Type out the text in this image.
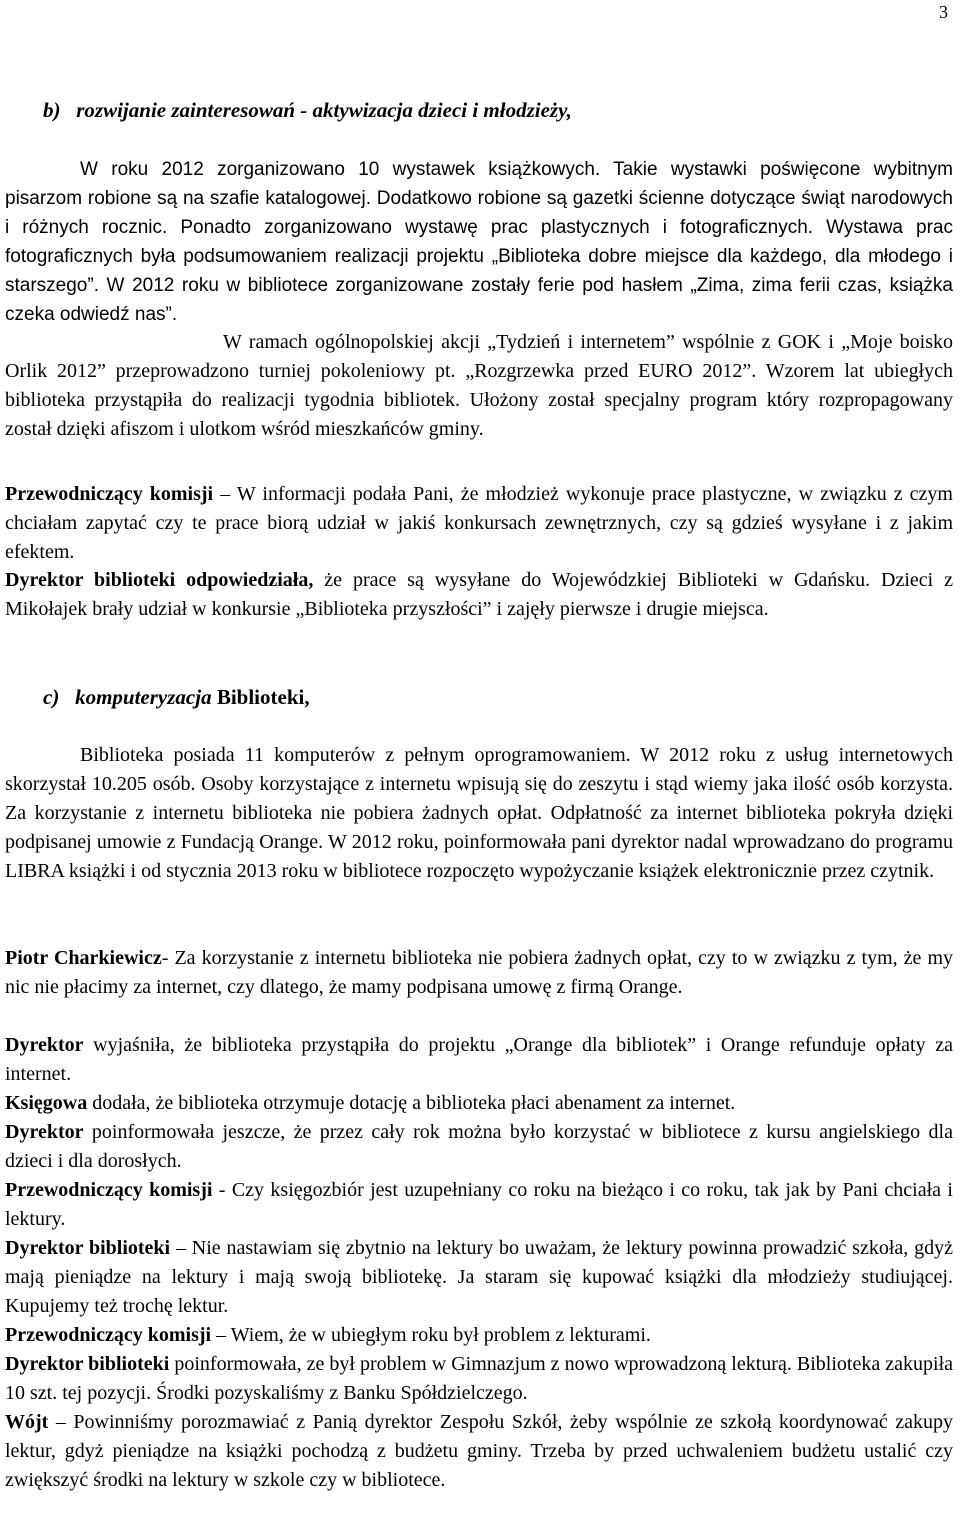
3
b) rozwijanie zainteresowań - aktywizacja dzieci i młodzieży,
W roku 2012 zorganizowano 10 wystawek książkowych. Takie wystawki poświęcone wybitnym pisarzom robione są na szafie katalogowej. Dodatkowo robione są gazetki ścienne dotyczące świąt narodowych i różnych rocznic. Ponadto zorganizowano wystawę prac plastycznych i fotograficznych. Wystawa prac fotograficznych była podsumowaniem realizacji projektu „Biblioteka dobre miejsce dla każdego, dla młodego i starszego”. W 2012 roku w bibliotece zorganizowane zostały ferie pod hasłem „Zima, zima ferii czas, książka czeka odwiedź nas”.
W ramach ogólnopolskiej akcji „Tydzień i internetem” wspólnie z GOK i „Moje boisko Orlik 2012” przeprowadzono turniej pokoleniowy pt. „Rozgrzewka przed EURO 2012”. Wzorem lat ubiegłych biblioteka przystąpiła do realizacji tygodnia bibliotek. Ułożony został specjalny program który rozpropagowany został dzięki afiszom i ulotkom wśród mieszkańców gminy.
Przewodniczący komisji – W informacji podała Pani, że młodzież wykonuje prace plastyczne, w związku z czym chciałam zapytać czy te prace biorą udział w jakiś konkursach zewnętrznych, czy są gdzieś wysyłane i z jakim efektem.
Dyrektor biblioteki odpowiedziała, że prace są wysyłane do Wojewódzkiej Biblioteki w Gdańsku. Dzieci z Mikołajek brały udział w konkursie „Biblioteka przyszłości” i zajęły pierwsze i drugie miejsca.
c) komputeryzacja Biblioteki,
Biblioteka posiada 11 komputerów z pełnym oprogramowaniem. W 2012 roku z usług internetowych skorzystał 10.205 osób. Osoby korzystające z internetu wpisują się do zeszytu i stąd wiemy jaka ilość osób korzysta. Za korzystanie z internetu biblioteka nie pobiera żadnych opłat. Odpłatność za internet biblioteka pokryła dzięki podpisanej umowie z Fundacją Orange. W 2012 roku, poinformowała pani dyrektor nadal wprowadzano do programu LIBRA książki i od stycznia 2013 roku w bibliotece rozpoczęto wypożyczanie książek elektronicznie przez czytnik.
Piotr Charkiewicz- Za korzystanie z internetu biblioteka nie pobiera żadnych opłat, czy to w związku z tym, że my nic nie płacimy za internet, czy dlatego, że mamy podpisana umowę z firmą Orange.
Dyrektor wyjaśniła, że biblioteka przystąpiła do projektu „Orange dla bibliotek” i Orange refunduje opłaty za internet.
Księgowa dodała, że biblioteka otrzymuje dotację a biblioteka płaci abenament za internet.
Dyrektor poinformowała jeszcze, że przez cały rok można było korzystać w bibliotece z kursu angielskiego dla dzieci i dla dorosłych.
Przewodniczący komisji - Czy księgozbiór jest uzupełniany co roku na bieżąco i co roku, tak jak by Pani chciała i lektury.
Dyrektor biblioteki – Nie nastawiam się zbytnio na lektury bo uważam, że lektury powinna prowadzić szkoła, gdyż mają pieniądze na lektury i mają swoją bibliotekę. Ja staram się kupować książki dla młodzieży studiującej. Kupujemy też trochę lektur.
Przewodniczący komisji – Wiem, że w ubiegłym roku był problem z lekturami.
Dyrektor biblioteki poinformowała, ze był problem w Gimnazjum z nowo wprowadzoną lekturą. Biblioteka zakupiła 10 szt. tej pozycji. Środki pozyskaliśmy z Banku Spółdzielczego.
Wójt – Powinniśmy porozmawiać z Panią dyrektor Zespołu Szkół, żeby wspólnie ze szkołą koordynować zakupy lektur, gdyż pieniądze na książki pochodzą z budżetu gminy. Trzeba by przed uchwaleniem budżetu ustalić czy zwiększyć środki na lektury w szkole czy w bibliotece.
